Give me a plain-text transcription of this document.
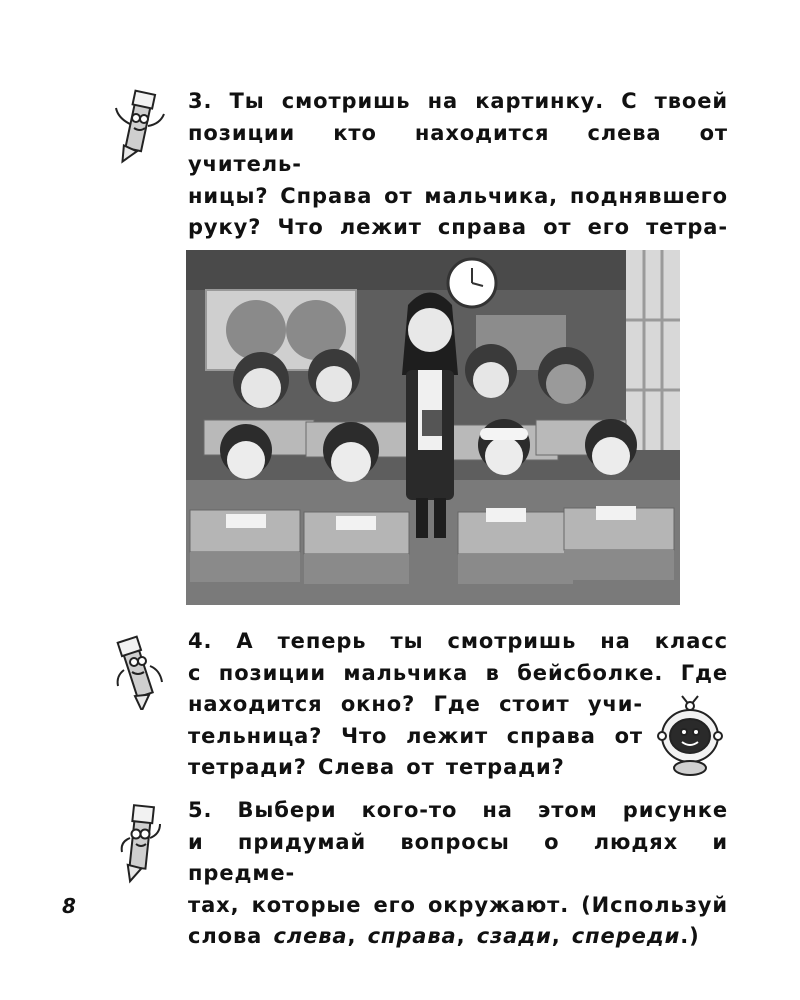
3. Ты смотришь на картинку. С твоей

позиции кто находится слева от учитель-

ницы? Справа от мальчика, поднявшего

руку? Что лежит справа от его тетра-

4. А теперь ты смотришь на класс

с позиции мальчика в бейсболке. Где

находится окно? Где стоит учи-

тельница? Что лежит справа от

тетради? Слева от тетради?

5. Выбери кого-то на этом рисунке

и придумай вопросы о людях и предме-

тах, которые его окружают. (Используй

слова слева, справа, сзади, спереди.)

8
